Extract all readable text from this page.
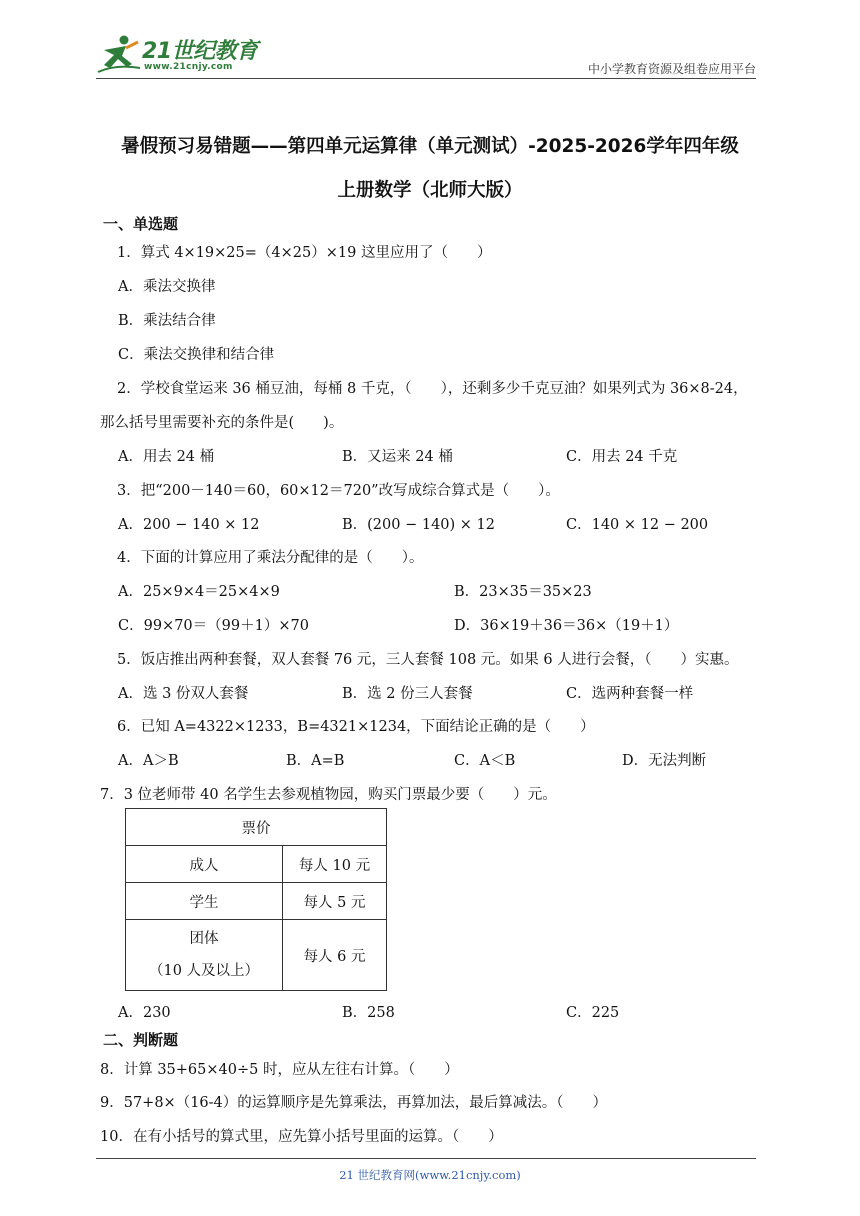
21世纪教育
www.21cnjy.com	中小学教育资源及组卷应用平台
暑假预习易错题——第四单元运算律（单元测试）-2025-2026学年四年级
上册数学（北师大版）
一、单选题
1．算式 4×19×25=（4×25）×19 这里应用了（　　）
A．乘法交换律
B．乘法结合律
C．乘法交换律和结合律
2．学校食堂运来 36 桶豆油，每桶 8 千克，（　　），还剩多少千克豆油？如果列式为 36×8-24，
那么括号里需要补充的条件是(　　)。
A．用去 24 桶	B．又运来 24 桶	C．用去 24 千克
3．把“200－140＝60，60×12＝720”改写成综合算式是（　　）。
A．200 − 140 × 12	B．(200 − 140) × 12	C．140 × 12 − 200
4．下面的计算应用了乘法分配律的是（　　）。
A．25×9×4＝25×4×9	B．23×35＝35×23
C．99×70＝（99＋1）×70	D．36×19＋36＝36×（19＋1）
5．饭店推出两种套餐，双人套餐 76 元，三人套餐 108 元。如果 6 人进行会餐，（　　）实惠。
A．选 3 份双人套餐	B．选 2 份三人套餐	C．选两种套餐一样
6．已知 A=4322×1233，B=4321×1234，下面结论正确的是（　　）
A．A＞B	B．A=B	C．A＜B	D．无法判断
7．3 位老师带 40 名学生去参观植物园，购买门票最少要（　　）元。
票价	
成人	每人 10 元
学生	每人 5 元

团体
（10 人及以上）	每人 6 元
A．230	B．258	C．225
二、判断题
8．计算 35+65×40÷5 时，应从左往右计算。（　　）
9．57+8×（16-4）的运算顺序是先算乘法，再算加法，最后算减法。（　　）
10．在有小括号的算式里，应先算小括号里面的运算。（　　）
21 世纪教育网(www.21cnjy.com)
